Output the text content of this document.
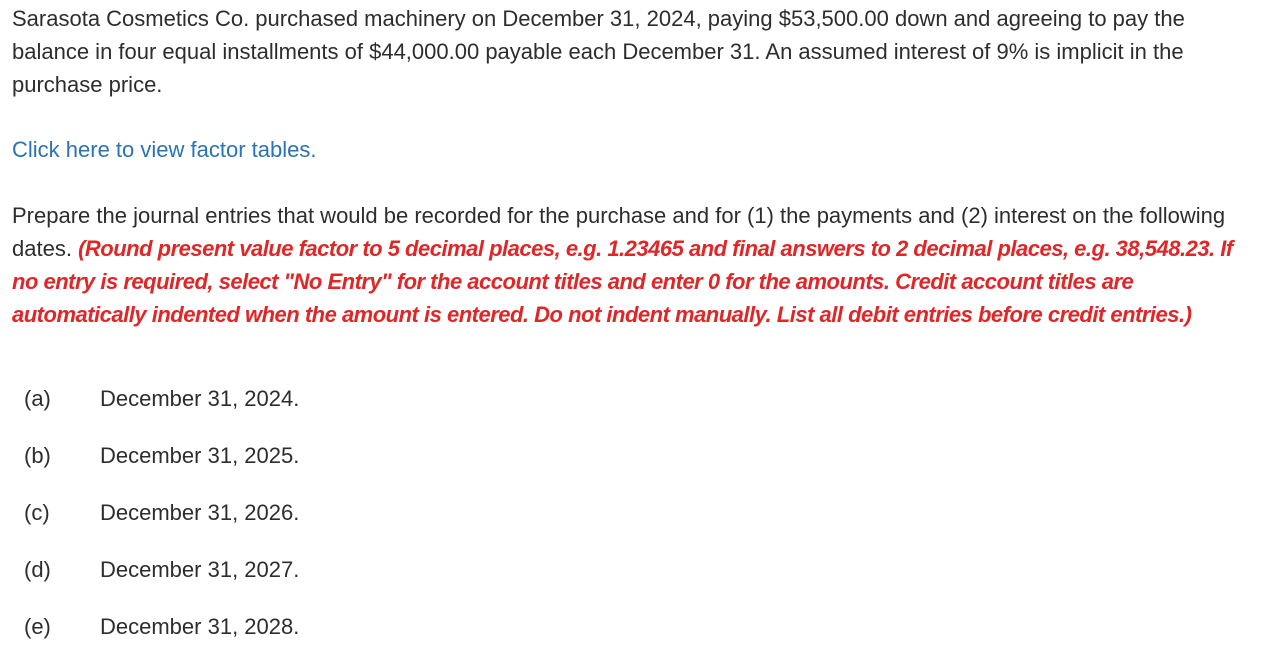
Sarasota Cosmetics Co. purchased machinery on December 31, 2024, paying $53,500.00 down and agreeing to pay the balance in four equal installments of $44,000.00 payable each December 31. An assumed interest of 9% is implicit in the purchase price.

Click here to view factor tables.

Prepare the journal entries that would be recorded for the purchase and for (1) the payments and (2) interest on the following dates. (Round present value factor to 5 decimal places, e.g. 1.23465 and final answers to 2 decimal places, e.g. 38,548.23. If no entry is required, select "No Entry" for the account titles and enter 0 for the amounts. Credit account titles are automatically indented when the amount is entered. Do not indent manually. List all debit entries before credit entries.)

(a)	December 31, 2024.
(b)	December 31, 2025.
(c)	December 31, 2026.
(d)	December 31, 2027.
(e)	December 31, 2028.
